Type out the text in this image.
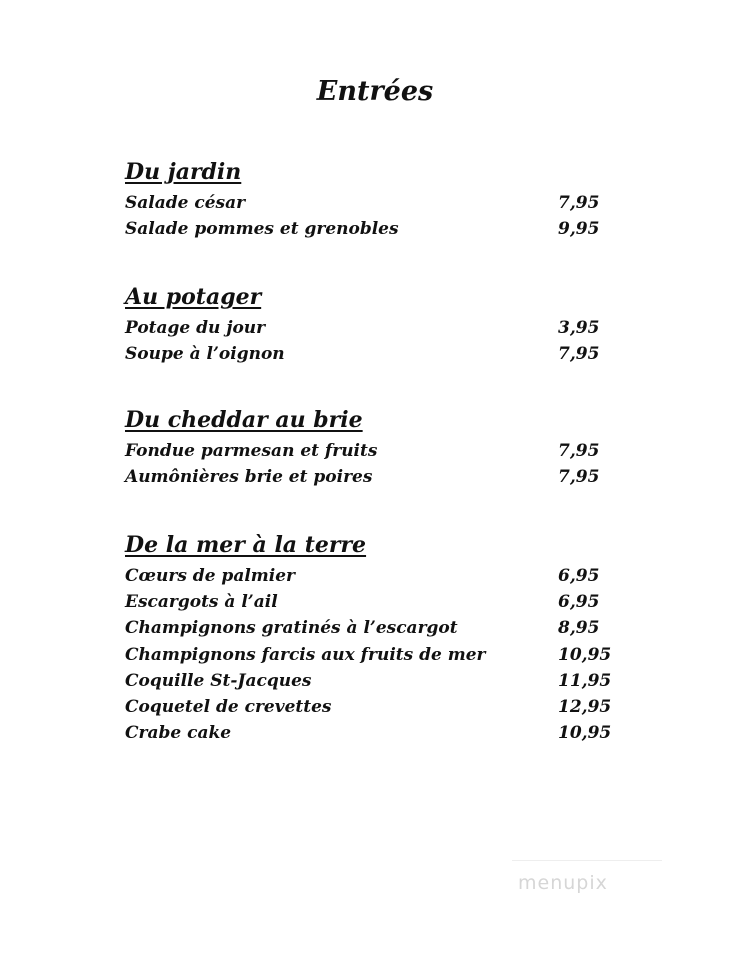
Entrées
Du jardin
Salade césar	7,95
Salade pommes et grenobles	9,95
Au potager
Potage du jour	3,95
Soupe à l’oignon	7,95
Du cheddar au brie
Fondue parmesan et fruits	7,95
Aumônières brie et poires	7,95
De la mer à la terre
Cœurs de palmier	6,95
Escargots à l’ail	6,95
Champignons gratinés à l’escargot	8,95
Champignons farcis aux fruits de mer	10,95
Coquille St-Jacques	11,95
Coquetel de crevettes	12,95
Crabe cake	10,95
menupix
